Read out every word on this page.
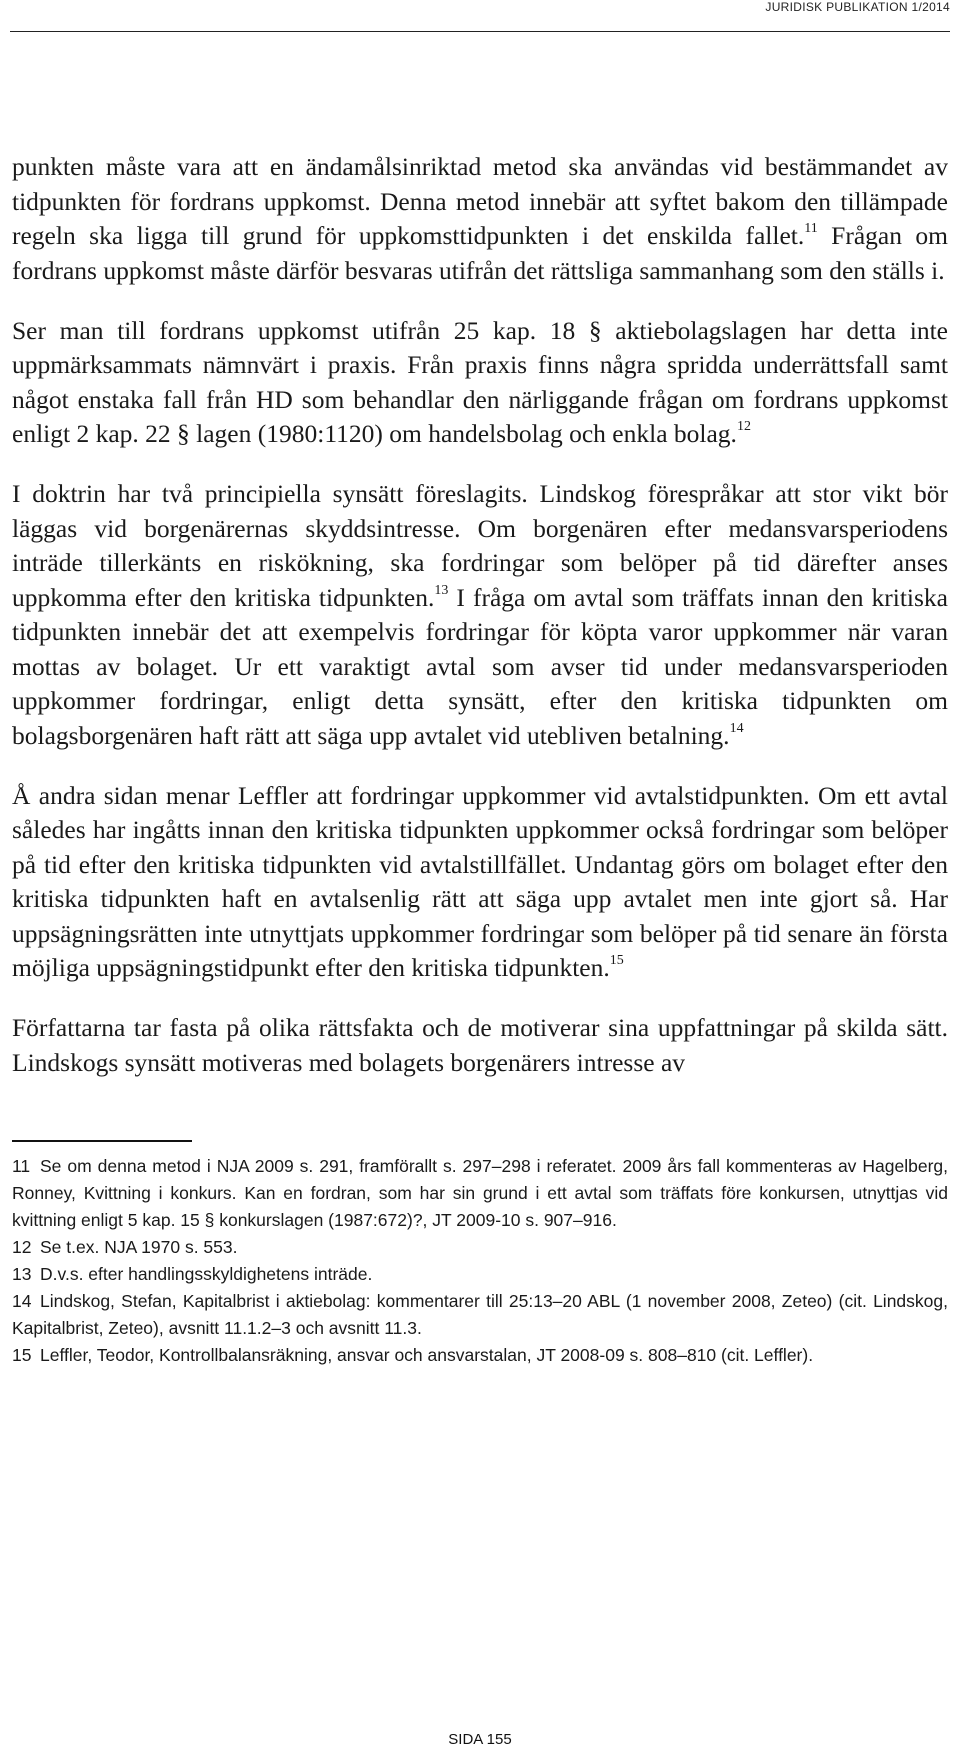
JURIDISK PUBLIKATION 1/2014

punkten måste vara att en ändamålsinriktad metod ska användas vid bestämmandet av tidpunkten för fordrans uppkomst. Denna metod innebär att syftet bakom den tillämpade regeln ska ligga till grund för uppkomsttidpunkten i det enskilda fallet.$^{11}$ Frågan om fordrans uppkomst måste därför besvaras utifrån det rättsliga sammanhang som den ställs i.

Ser man till fordrans uppkomst utifrån 25 kap. 18 § aktiebolagslagen har detta inte uppmärksammats nämnvärt i praxis. Från praxis finns några spridda underrättsfall samt något enstaka fall från HD som behandlar den närliggande frågan om fordrans uppkomst enligt 2 kap. 22 § lagen (1980:1120) om handelsbolag och enkla bolag.$^{12}$

I doktrin har två principiella synsätt föreslagits. Lindskog förespråkar att stor vikt bör läggas vid borgenärernas skyddsintresse. Om borgenären efter medansvarsperiodens inträde tillerkänts en riskökning, ska fordringar som belöper på tid därefter anses uppkomma efter den kritiska tidpunkten.$^{13}$ I fråga om avtal som träffats innan den kritiska tidpunkten innebär det att exempelvis fordringar för köpta varor uppkommer när varan mottas av bolaget. Ur ett varaktigt avtal som avser tid under medansvarsperioden uppkommer fordringar, enligt detta synsätt, efter den kritiska tidpunkten om bolagsborgenären haft rätt att säga upp avtalet vid utebliven betalning.$^{14}$

Å andra sidan menar Leffler att fordringar uppkommer vid avtalstidpunkten. Om ett avtal således har ingåtts innan den kritiska tidpunkten uppkommer också fordringar som belöper på tid efter den kritiska tidpunkten vid avtalstillfället. Undantag görs om bolaget efter den kritiska tidpunkten haft en avtalsenlig rätt att säga upp avtalet men inte gjort så. Har uppsägningsrätten inte utnyttjats uppkommer fordringar som belöper på tid senare än första möjliga uppsägningstidpunkt efter den kritiska tidpunkten.$^{15}$

Författarna tar fasta på olika rättsfakta och de motiverar sina uppfattningar på skilda sätt. Lindskogs synsätt motiveras med bolagets borgenärers intresse av

11 Se om denna metod i NJA 2009 s. 291, framförallt s. 297–298 i referatet. 2009 års fall kommenteras av Hagelberg, Ronney, Kvittning i konkurs. Kan en fordran, som har sin grund i ett avtal som träffats före konkursen, utnyttjas vid kvittning enligt 5 kap. 15 § konkurslagen (1987:672)?, JT 2009-10 s. 907–916.

12 Se t.ex. NJA 1970 s. 553.

13 D.v.s. efter handlingsskyldighetens inträde.

14 Lindskog, Stefan, Kapitalbrist i aktiebolag: kommentarer till 25:13–20 ABL (1 november 2008, Zeteo) (cit. Lindskog, Kapitalbrist, Zeteo), avsnitt 11.1.2–3 och avsnitt 11.3.

15 Leffler, Teodor, Kontrollbalansräkning, ansvar och ansvarstalan, JT 2008-09 s. 808–810 (cit. Leffler).

SIDA 155
